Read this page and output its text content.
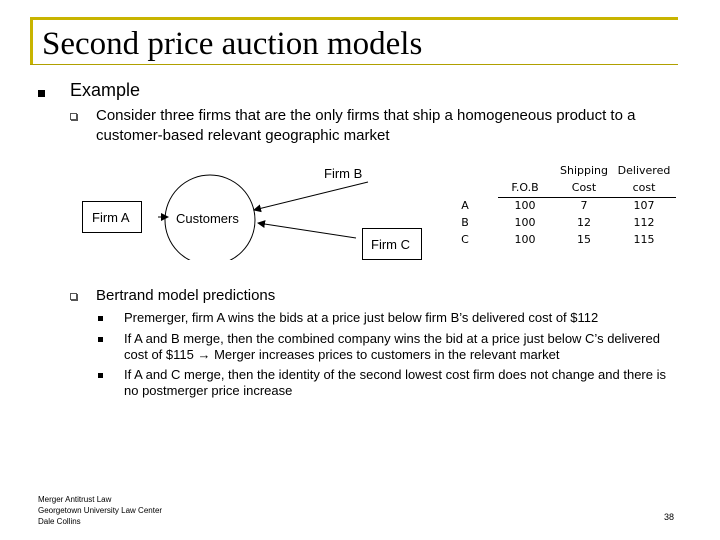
Second price auction models
Example
Consider three firms that are the only firms that ship a homogeneous product to a customer-based relevant geographic market
Firm B
Firm A	Customers
Firm C
Shipping Delivered
F.O.B	Cost	cost
A	100	7	107
B	100	12	112
C	100	15	115
Bertrand model predictions
Premerger, firm A wins the bids at a price just below firm B’s delivered cost of $112
If A and B merge, then the combined company wins the bid at a price just below C’s delivered cost of $115 → Merger increases prices to customers in the relevant market
If A and C merge, then the identity of the second lowest cost firm does not change and there is no postmerger price increase
Merger Antitrust Law
Georgetown University Law Center
Dale Collins	38
